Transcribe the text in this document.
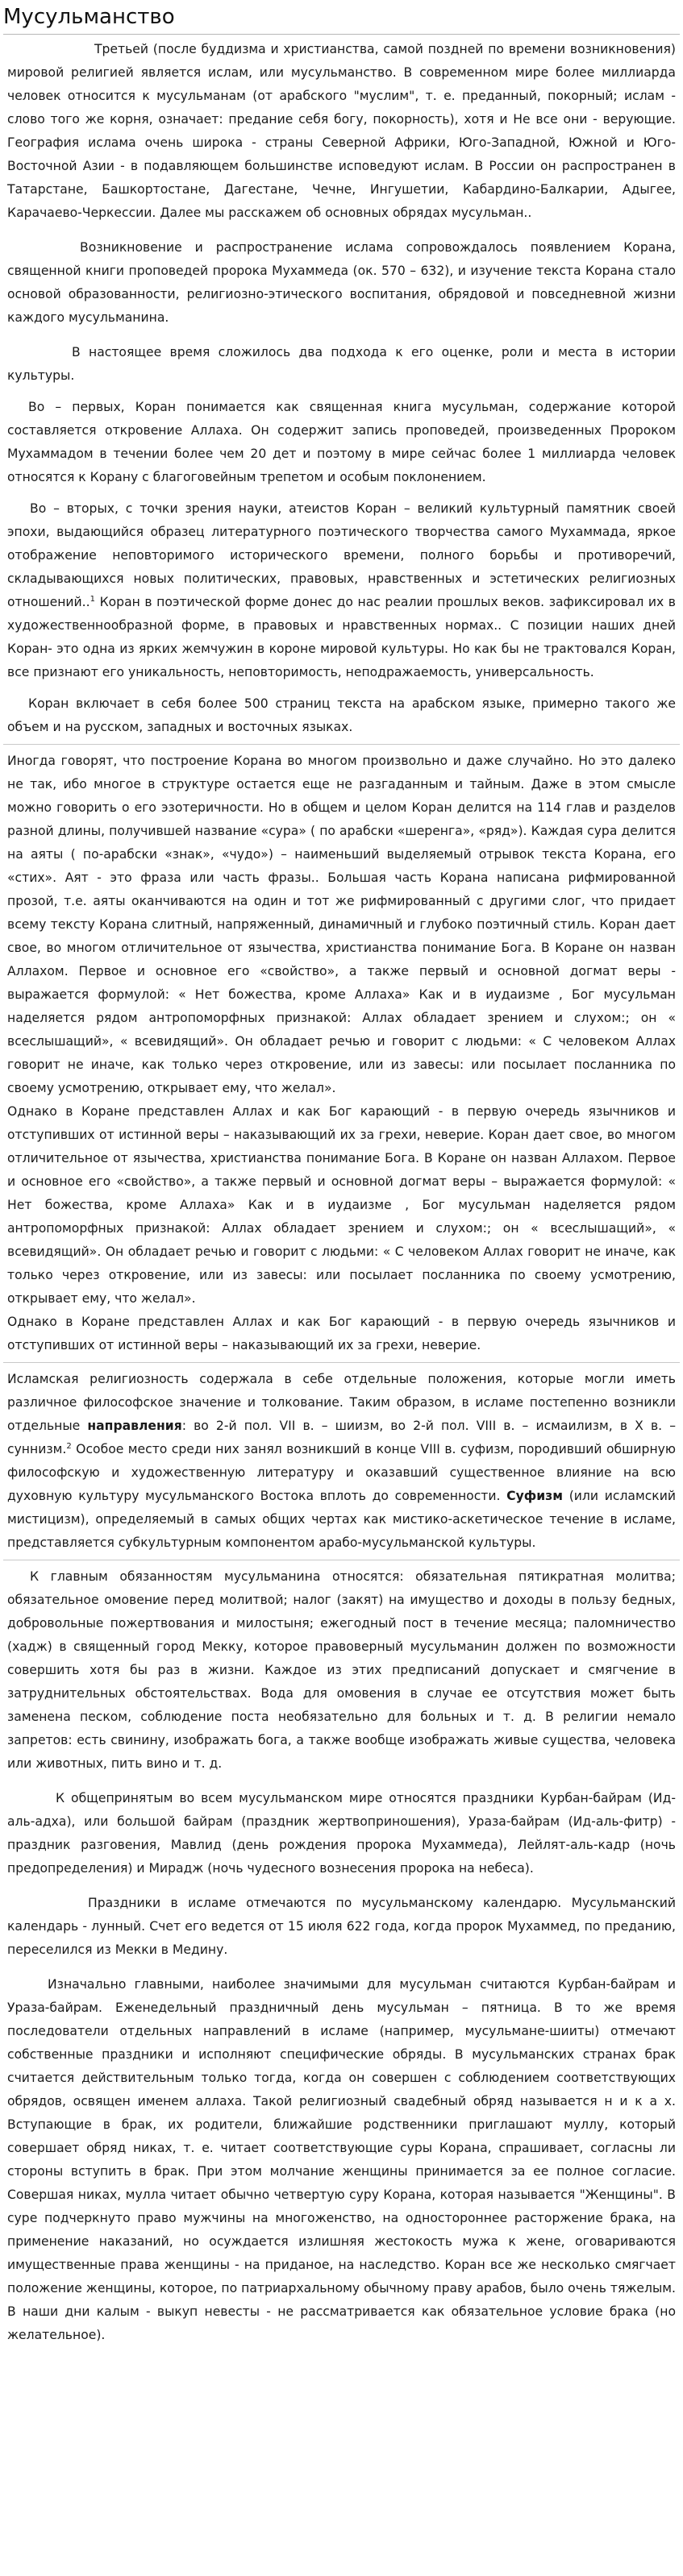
Мусульманство

Третьей (после буддизма и христианства, самой поздней по времени возникновения) мировой религией является ислам, или мусульманство. В современном мире более миллиарда человек относится к мусульманам (от арабского "муслим", т. е. преданный, покорный; ислам - слово того же корня, означает: предание себя богу, покорность), хотя и Не все они - верующие. География ислама очень широка - страны Северной Африки, Юго-Западной, Южной и Юго-Восточной Азии - в подавляющем большинстве исповедуют ислам. В России он распространен в Татарстане, Башкортостане, Дагестане, Чечне, Ингушетии, Кабардино-Балкарии, Адыгее, Карачаево-Черкессии. Далее мы расскажем об основных обрядах мусульман..

Возникновение и распространение ислама сопровождалось появлением Корана, священной книги проповедей пророка Мухаммеда (ок. 570 – 632), и изучение текста Корана стало основой образованности, религиозно-этического воспитания, обрядовой и повседневной жизни каждого мусульманина.

В настоящее время сложилось два подхода к его оценке, роли и места в истории культуры.

Во – первых, Коран понимается как священная книга мусульман, содержание которой составляется откровение Аллаха. Он содержит запись проповедей, произведенных Пророком Мухаммадом в течении более чем 20 дет и поэтому в мире сейчас более 1 миллиарда человек относятся к Корану с благоговейным трепетом и особым поклонением.

Во – вторых, с точки зрения науки, атеистов Коран – великий культурный памятник своей эпохи, выдающийся образец литературного поэтического творчества самого Мухаммада, яркое отображение неповторимого исторического времени, полного борьбы и противоречий, складывающихся новых политических, правовых, нравственных и эстетических религиозных отношений..$^1$ Коран в поэтической форме донес до нас реалии прошлых веков. зафиксировал их в художественнообразной форме, в правовых и нравственных нормах.. С позиции наших дней Коран- это одна из ярких жемчужин в короне мировой культуры. Но как бы не трактовался Коран, все признают его уникальность, неповторимость, неподражаемость, универсальность.

Коран включает в себя более 500 страниц текста на арабском языке, примерно такого же объем и на русском, западных и восточных языках.

Иногда говорят, что построение Корана во многом произвольно и даже случайно. Но это далеко не так, ибо многое в структуре остается еще не разгаданным и тайным. Даже в этом смысле можно говорить о его эзотеричности. Но в общем и целом Коран делится на 114 глав и разделов разной длины, получившей название «сура» ( по арабски «шеренга», «ряд»). Каждая сура делится на аяты ( по-арабски «знак», «чудо») – наименьший выделяемый отрывок текста Корана, его «стих». Аят - это фраза или часть фразы.. Большая часть Корана написана рифмированной прозой, т.е. аяты оканчиваются на один и тот же рифмированный с другими слог, что придает всему тексту Корана слитный, напряженный, динамичный и глубоко поэтичный стиль. Коран дает свое, во многом отличительное от язычества, христианства понимание Бога. В Коране он назван Аллахом. Первое и основное его «свойство», а также первый и основной догмат веры - выражается формулой: « Нет божества, кроме Аллаха» Как и в иудаизме , Бог мусульман наделяется рядом антропоморфных признакой: Аллах обладает зрением и слухом:; он « всеслышащий», « всевидящий». Он обладает речью и говорит с людьми: « С человеком Аллах говорит не иначе, как только через откровение, или из завесы: или посылает посланника по своему усмотрению, открывает ему, что желал».

Однако в Коране представлен Аллах и как Бог карающий - в первую очередь язычников и отступивших от истинной веры – наказывающий их за грехи, неверие. Коран дает свое, во многом отличительное от язычества, христианства понимание Бога. В Коране он назван Аллахом. Первое и основное его «свойство», а также первый и основной догмат веры – выражается формулой: « Нет божества, кроме Аллаха» Как и в иудаизме , Бог мусульман наделяется рядом антропоморфных признакой: Аллах обладает зрением и слухом:; он « всеслышащий», « всевидящий». Он обладает речью и говорит с людьми: « С человеком Аллах говорит не иначе, как только через откровение, или из завесы: или посылает посланника по своему усмотрению, открывает ему, что желал».

Однако в Коране представлен Аллах и как Бог карающий - в первую очередь язычников и отступивших от истинной веры – наказывающий их за грехи, неверие.

Исламская религиозность содержала в себе отдельные положения, которые могли иметь различное философское значение и толкование. Таким образом, в исламе постепенно возникли отдельные направления: во 2-й пол. VII в. – шиизм, во 2-й пол. VIII в. – исмаилизм, в Х в. – суннизм.$^2$ Особое место среди них занял возникший в конце VIII в. суфизм, породивший обширную философскую и художественную литературу и оказавший существенное влияние на всю духовную культуру мусульманского Востока вплоть до современности. Суфизм (или исламский мистицизм), определяемый в самых общих чертах как мистико-аскетическое течение в исламе, представляется субкультурным компонентом арабо-мусульманской культуры.

К главным обязанностям мусульманина относятся: обязательная пятикратная молитва; обязательное омовение перед молитвой; налог (закят) на имущество и доходы в пользу бедных, добровольные пожертвования и милостыня; ежегодный пост в течение месяца; паломничество (хадж) в священный город Мекку, которое правоверный мусульманин должен по возможности совершить хотя бы раз в жизни. Каждое из этих предписаний допускает и смягчение в затруднительных обстоятельствах. Вода для омовения в случае ее отсутствия может быть заменена песком, соблюдение поста необязательно для больных и т. д. В религии немало запретов: есть свинину, изображать бога, а также вообще изображать живые существа, человека или животных, пить вино и т. д.

К общепринятым во всем мусульманском мире относятся праздники Курбан-байрам (Ид-аль-адха), или большой байрам (праздник жертвоприношения), Ураза-байрам (Ид-аль-фитр) - праздник разговения, Мавлид (день рождения пророка Мухаммеда), Лейлят-аль-кадр (ночь предопределения) и Мирадж (ночь чудесного вознесения пророка на небеса).

Праздники в исламе отмечаются по мусульманскому календарю. Мусульманский календарь - лунный. Счет его ведется от 15 июля 622 года, когда пророк Мухаммед, по преданию, переселился из Мекки в Медину.

Изначально главными, наиболее значимыми для мусульман считаются Курбан-байрам и Ураза-байрам. Еженедельный праздничный день мусульман – пятница. В то же время последователи отдельных направлений в исламе (например, мусульмане-шииты) отмечают собственные праздники и исполняют специфические обряды. В мусульманских странах брак считается действительным только тогда, когда он совершен с соблюдением соответствующих обрядов, освящен именем аллаха. Такой религиозный свадебный обряд называется н и к а х. Вступающие в брак, их родители, ближайшие родственники приглашают муллу, который совершает обряд никах, т. е. читает соответствующие суры Корана, спрашивает, согласны ли стороны вступить в брак. При этом молчание женщины принимается за ее полное согласие. Совершая никах, мулла читает обычно четвертую суру Корана, которая называется "Женщины". В суре подчеркнуто право мужчины на многоженство, на одностороннее расторжение брака, на применение наказаний, но осуждается излишняя жестокость мужа к жене, оговариваются имущественные права женщины - на приданое, на наследство. Коран все же несколько смягчает положение женщины, которое, по патриархальному обычному праву арабов, было очень тяжелым. В наши дни калым - выкуп невесты - не рассматривается как обязательное условие брака (но желательное).
